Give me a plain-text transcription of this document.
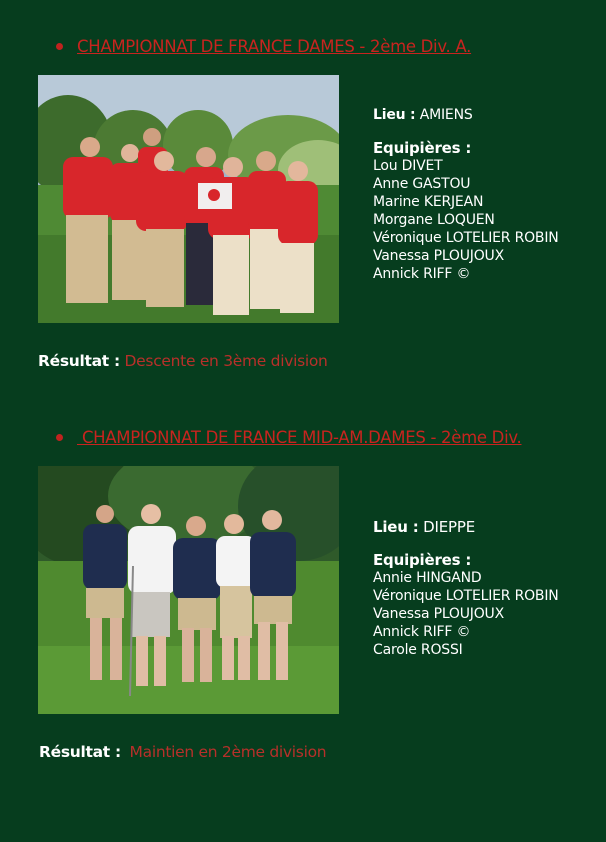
CHAMPIONNAT DE FRANCE DAMES - 2ème Div. A.
Lieu : AMIENS
Equipières :
Lou DIVET
Anne GASTOU
Marine KERJEAN
Morgane LOQUEN
Véronique LOTELIER ROBIN
Vanessa PLOUJOUX
Annick RIFF ©
Résultat : Descente en 3ème division
CHAMPIONNAT DE FRANCE MID-AM.DAMES - 2ème Div.
Lieu : DIEPPE
Equipières :
Annie HINGAND
Véronique LOTELIER ROBIN
Vanessa PLOUJOUX
Annick RIFF ©
Carole ROSSI
Résultat : Maintien en 2ème division
